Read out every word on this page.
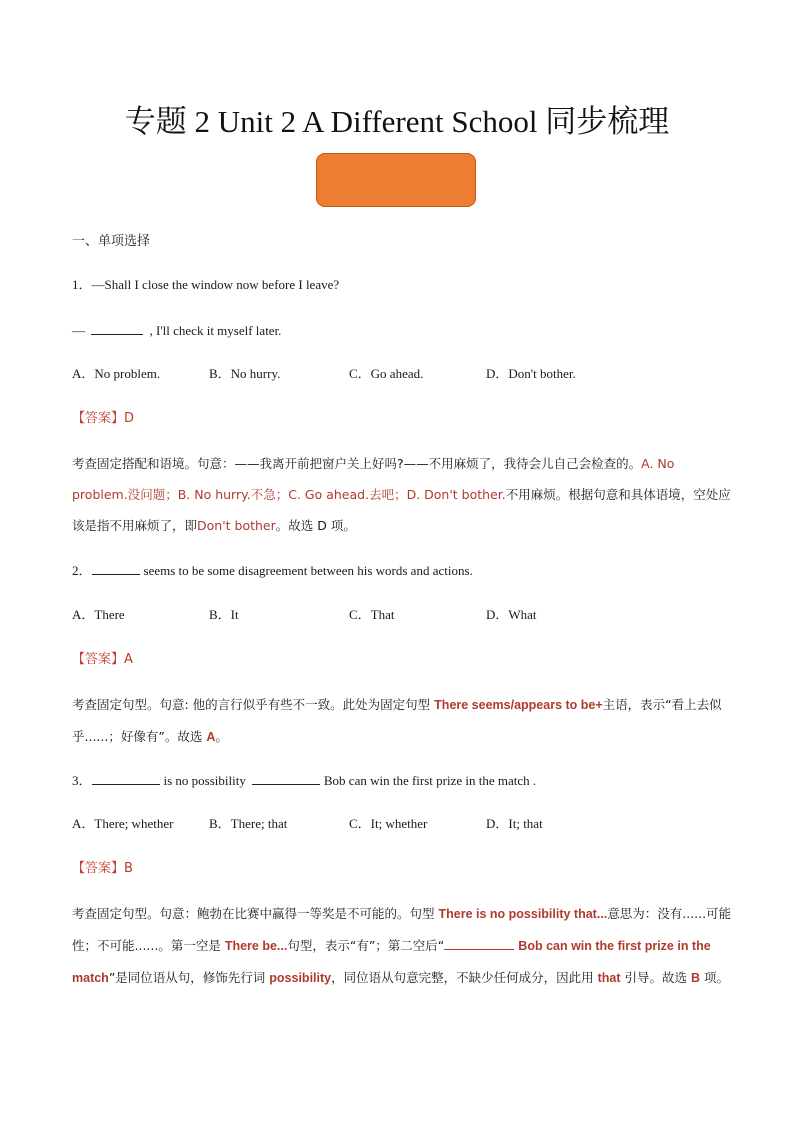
专题 2 Unit 2 A Different School 同步梳理
一、单项选择
1．—Shall I close the window now before I leave?
—	, I'll check it myself later.
A．No problem.	B．No hurry.	C．Go ahead.	D．Don't bother.
【答案】D
考查固定搭配和语境。句意：——我离开前把窗户关上好吗?——不用麻烦了，我待会儿自己会检查的。A. No problem.没问题；B. No hurry.不急；C. Go ahead.去吧；D. Don't bother.不用麻烦。根据句意和具体语境，空处应该是指不用麻烦了，即Don't bother。故选 D 项。
2．	seems to be some disagreement between his words and actions.
A．There	B．It	C．That	D．What
【答案】A
考查固定句型。句意: 他的言行似乎有些不一致。此处为固定句型 There seems/appears to be+主语，表示“看上去似乎......；好像有”。故选 A。
3．	is no possibility	Bob can win the first prize in the match .
A．There; whether	B．There; that	C．It; whether	D．It; that
【答案】B
考查固定句型。句意：鲍勃在比赛中赢得一等奖是不可能的。句型 There is no possibility that...意思为：没有......可能性；不可能......。第一空是 There be...句型，表示“有”；第二空后“	Bob can win the first prize in the match”是同位语从句，修饰先行词 possibility，同位语从句意完整，不缺少任何成分，因此用 that 引导。故选 B 项。
